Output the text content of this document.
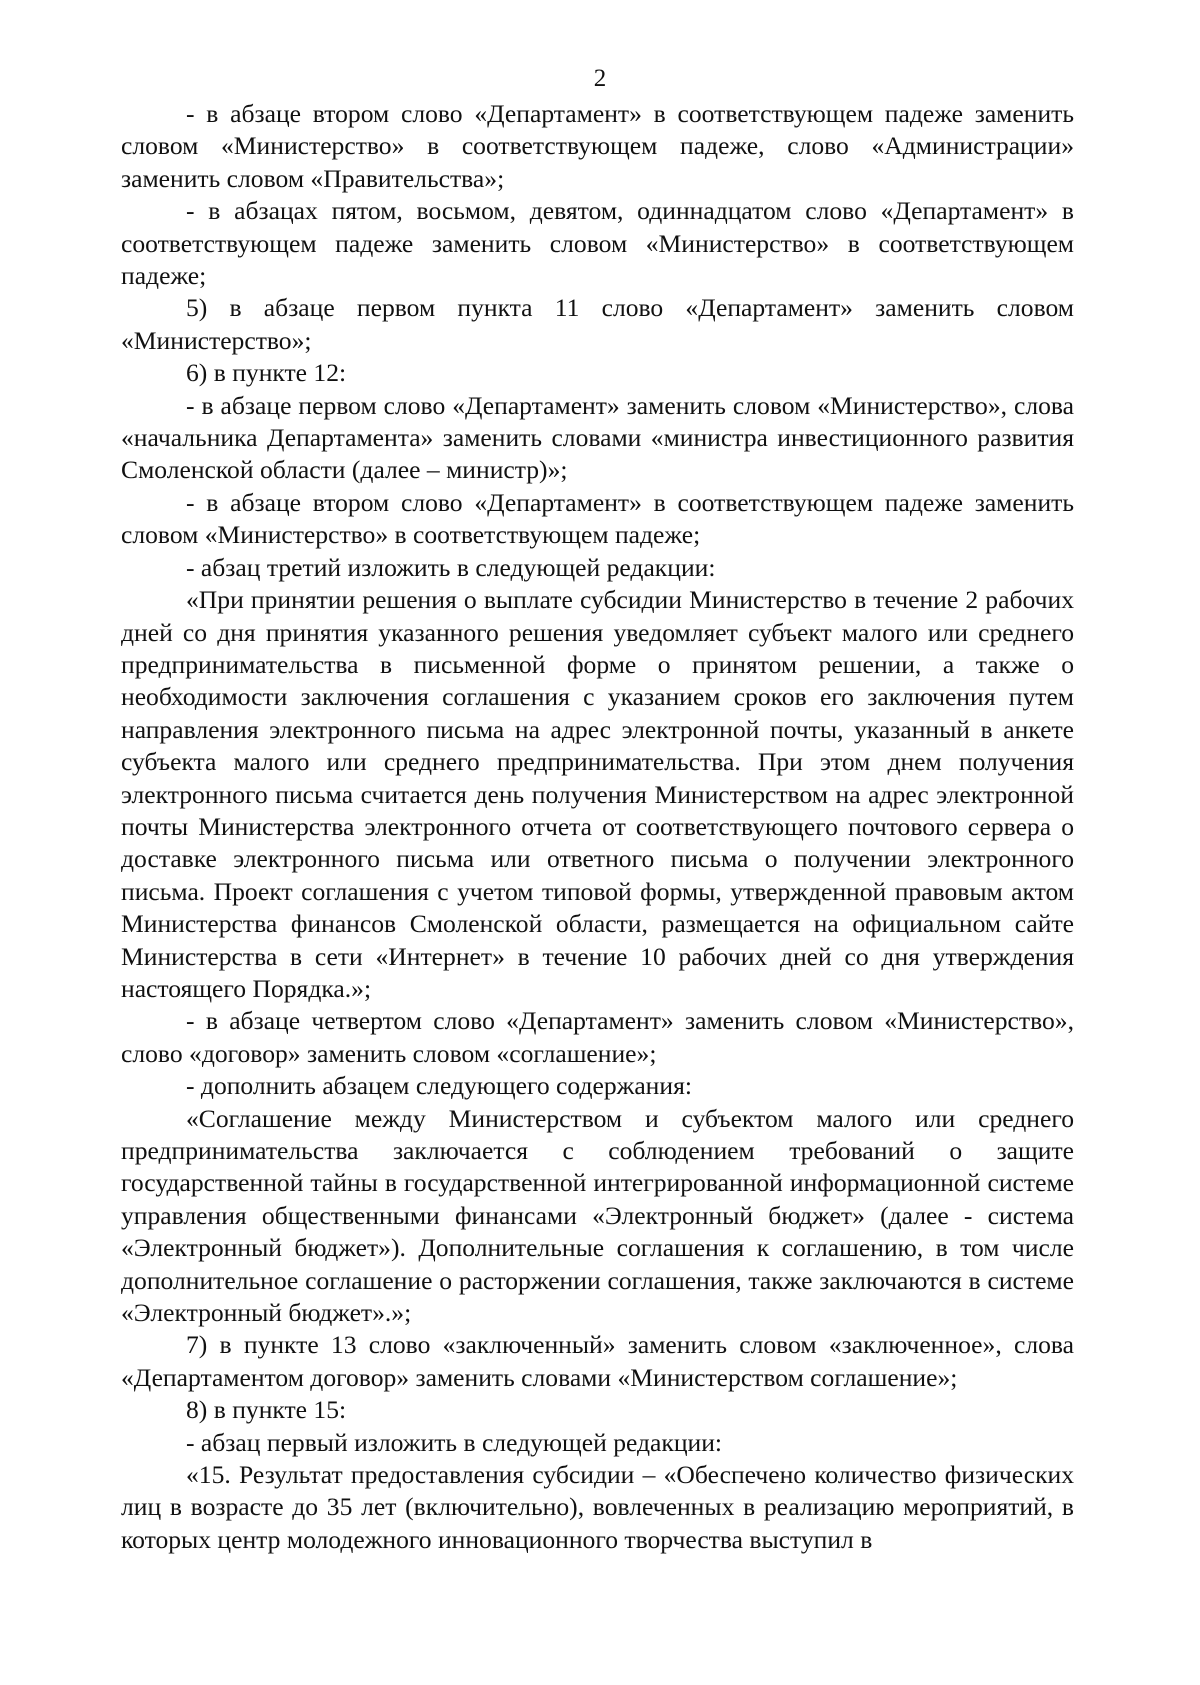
2

- в абзаце втором слово «Департамент» в соответствующем падеже заменить словом «Министерство» в соответствующем падеже, слово «Администрации» заменить словом «Правительства»;

- в абзацах пятом, восьмом, девятом, одиннадцатом слово «Департамент» в соответствующем падеже заменить словом «Министерство» в соответствующем падеже;

5) в абзаце первом пункта 11 слово «Департамент» заменить словом «Министерство»;

6) в пункте 12:

- в абзаце первом слово «Департамент» заменить словом «Министерство», слова «начальника Департамента» заменить словами «министра инвестиционного развития Смоленской области (далее – министр)»;

- в абзаце втором слово «Департамент» в соответствующем падеже заменить словом «Министерство» в соответствующем падеже;

- абзац третий изложить в следующей редакции:

«При принятии решения о выплате субсидии Министерство в течение 2 рабочих дней со дня принятия указанного решения уведомляет субъект малого или среднего предпринимательства в письменной форме о принятом решении, а также о необходимости заключения соглашения с указанием сроков его заключения путем направления электронного письма на адрес электронной почты, указанный в анкете субъекта малого или среднего предпринимательства. При этом днем получения электронного письма считается день получения Министерством на адрес электронной почты Министерства электронного отчета от соответствующего почтового сервера о доставке электронного письма или ответного письма о получении электронного письма. Проект соглашения с учетом типовой формы, утвержденной правовым актом Министерства финансов Смоленской области, размещается на официальном сайте Министерства в сети «Интернет» в течение 10 рабочих дней со дня утверждения настоящего Порядка.»;

- в абзаце четвертом слово «Департамент» заменить словом «Министерство», слово «договор» заменить словом «соглашение»;

- дополнить абзацем следующего содержания:

«Соглашение между Министерством и субъектом малого или среднего предпринимательства заключается с соблюдением требований о защите государственной тайны в государственной интегрированной информационной системе управления общественными финансами «Электронный бюджет» (далее - система «Электронный бюджет»). Дополнительные соглашения к соглашению, в том числе дополнительное соглашение о расторжении соглашения, также заключаются в системе «Электронный бюджет».»;

7) в пункте 13 слово «заключенный» заменить словом «заключенное», слова «Департаментом договор» заменить словами «Министерством соглашение»;

8) в пункте 15:

- абзац первый изложить в следующей редакции:

«15. Результат предоставления субсидии – «Обеспечено количество физических лиц в возрасте до 35 лет (включительно), вовлеченных в реализацию мероприятий, в которых центр молодежного инновационного творчества выступил в
